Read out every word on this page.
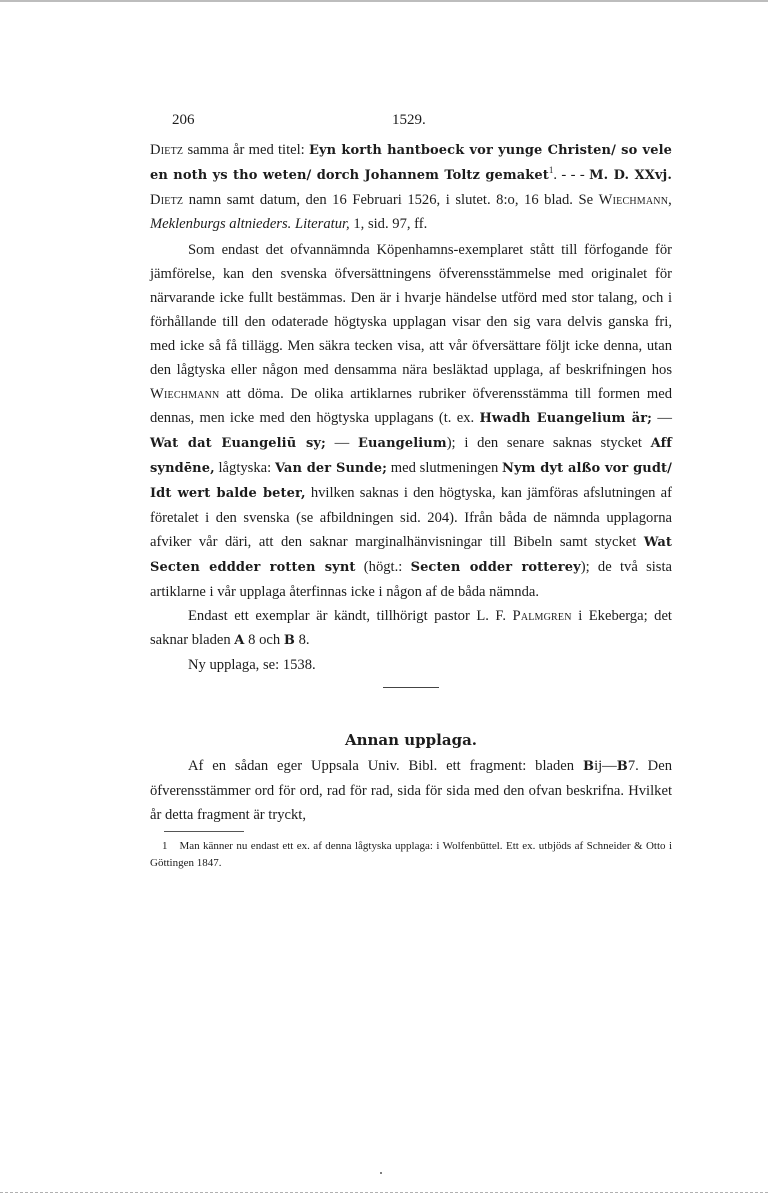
206	1529.

Dietz samma år med titel: Eyn korth hantboeck vor yunge Christen/ so vele en noth ys tho weten/ dorch Johannem Toltz gemaket$^1$. - - - M. D. XXvj. Dietz namn samt datum, den 16 Februari 1526, i slutet. 8:o, 16 blad. Se Wiechmann, Meklenburgs altnieders. Literatur, 1, sid. 97, ff.

Som endast det ofvannämnda Köpenhamns-exemplaret stått till förfogande för jämförelse, kan den svenska öfversättningens öfverensstämmelse med originalet för närvarande icke fullt bestämmas. Den är i hvarje händelse utförd med stor talang, och i förhållande till den odaterade högtyska upplagan visar den sig vara delvis ganska fri, med icke så få tillägg. Men säkra tecken visa, att vår öfversättare följt icke denna, utan den lågtyska eller någon med densamma nära besläktad upplaga, af beskrifningen hos Wiechmann att döma. De olika artiklarnes rubriker öfverensstämma till formen med dennas, men icke med den högtyska upplagans (t. ex. Hwadh Euangelium är; — Wat dat Euangeliū sy; — Euangelium); i den senare saknas stycket Aff syndēne, lågtyska: Van der Sunde; med slutmeningen Nym dyt alßo vor gudt/ Idt wert balde beter, hvilken saknas i den högtyska, kan jämföras afslutningen af företalet i den svenska (se afbildningen sid. 204). Ifrån båda de nämnda upplagorna afviker vår däri, att den saknar marginalhänvisningar till Bibeln samt stycket Wat Secten eddder rotten synt (högt.: Secten odder rotterey); de två sista artiklarne i vår upplaga återfinnas icke i någon af de båda nämnda.

Endast ett exemplar är kändt, tillhörigt pastor L. F. Palmgren i Ekeberga; det saknar bladen A 8 och B 8.

Ny upplaga, se: 1538.

Annan upplaga.

Af en sådan eger Uppsala Univ. Bibl. ett fragment: bladen Bij—B7. Den öfverensstämmer ord för ord, rad för rad, sida för sida med den ofvan beskrifna. Hvilket år detta fragment är tryckt,

1 Man känner nu endast ett ex. af denna lågtyska upplaga: i Wolfenbüttel. Ett ex. utbjöds af Schneider & Otto i Göttingen 1847.
